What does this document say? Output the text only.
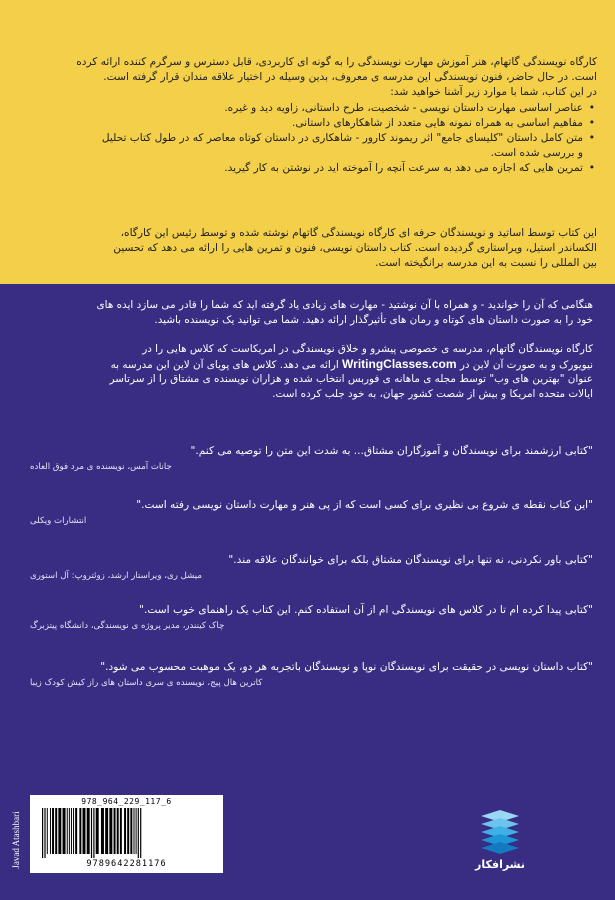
کارگاه نویسندگی گاتهام، هنر آموزش مهارت نویسندگی را به گونه ای کاربردی، قابل دسترس و سرگرم کننده ارائه کرده

است. در حال حاضر، فنون نویسندگی این مدرسه ی معروف، بدین وسیله در اختیار علاقه مندان قرار گرفته است.

در این کتاب، شما با موارد زیر آشنا خواهید شد:

• عناصر اساسی مهارت داستان نویسی - شخصیت، طرح داستانی، زاویه دید و غیره.
• مفاهیم اساسی به همراه نمونه هایی متعدد از شاهکارهای داستانی.
• متن کامل داستان "کلیسای جامع" اثر ریموند کارور - شاهکاری در داستان کوتاه معاصر که در طول کتاب تحلیل
و بررسی شده است.
• تمرین هایی که اجازه می دهد به سرعت آنچه را آموخته اید در نوشتن به کار گیرید.

این کتاب توسط اساتید و نویسندگان حرفه ای کارگاه نویسندگی گاتهام نوشته شده و توسط رئیس این کارگاه،

الکساندر استیل، ویراستاری گردیده است. کتاب داستان نویسی، فنون و تمرین هایی را ارائه می دهد که تحسین

بین المللی را نسبت به این مدرسه برانگیخته است.

هنگامی که آن را خواندید - و همراه با آن نوشتید - مهارت های زیادی یاد گرفته اید که شما را قادر می سازد ایده های

خود را به صورت داستان های کوتاه و رمان های تأثیرگذار ارائه دهید. شما می توانید یک نویسنده باشید.

کارگاه نویسندگان گاتهام، مدرسه ی خصوصی پیشرو و خلاق نویسندگی در امریکاست که کلاس هایی را در

نیویورک و به صورت آن لاین در WritingClasses.com ارائه می دهد. کلاس های پویای آن لاین این مدرسه به

عنوان "بهترین های وب" توسط مجله ی ماهانه ی فوربس انتخاب شده و هزاران نویسنده ی مشتاق را از سرتاسر

ایالات متحده امریکا و بیش از شصت کشور جهان، به خود جلب کرده است.

"کتابی ارزشمند برای نویسندگان و آموزگاران مشتاق... به شدت این متن را توصیه می کنم."

جانات آمس، نویسنده ی مرد فوق العاده

"این کتاب نقطه ی شروع بی نظیری برای کسی است که از پی هنر و مهارت داستان نویسی رفته است."

انتشارات ویکلی

"کتابی باور نکردنی، نه تنها برای نویسندگان مشتاق بلکه برای خوانندگان علاقه مند."

میشل ری، ویراستار ارشد، زوئتروپ: آل استوری

"کتابی پیدا کرده ام تا در کلاس های نویسندگی ام از آن استفاده کنم. این کتاب یک راهنمای خوب است."

چاک کینندر، مدیر پروژه ی نویسندگی، دانشگاه پیتزبرگ

"کتاب داستان نویسی در حقیقت برای نویسندگان نوپا و نویسندگان باتجربه هر دو، یک موهبت محسوب می شود."

کاترین هال پیج، نویسنده ی سری داستان های راز کیش کودک زیبا

Javad Atashbari
978_964_229_117_6
9789642281176	نشرافکار
